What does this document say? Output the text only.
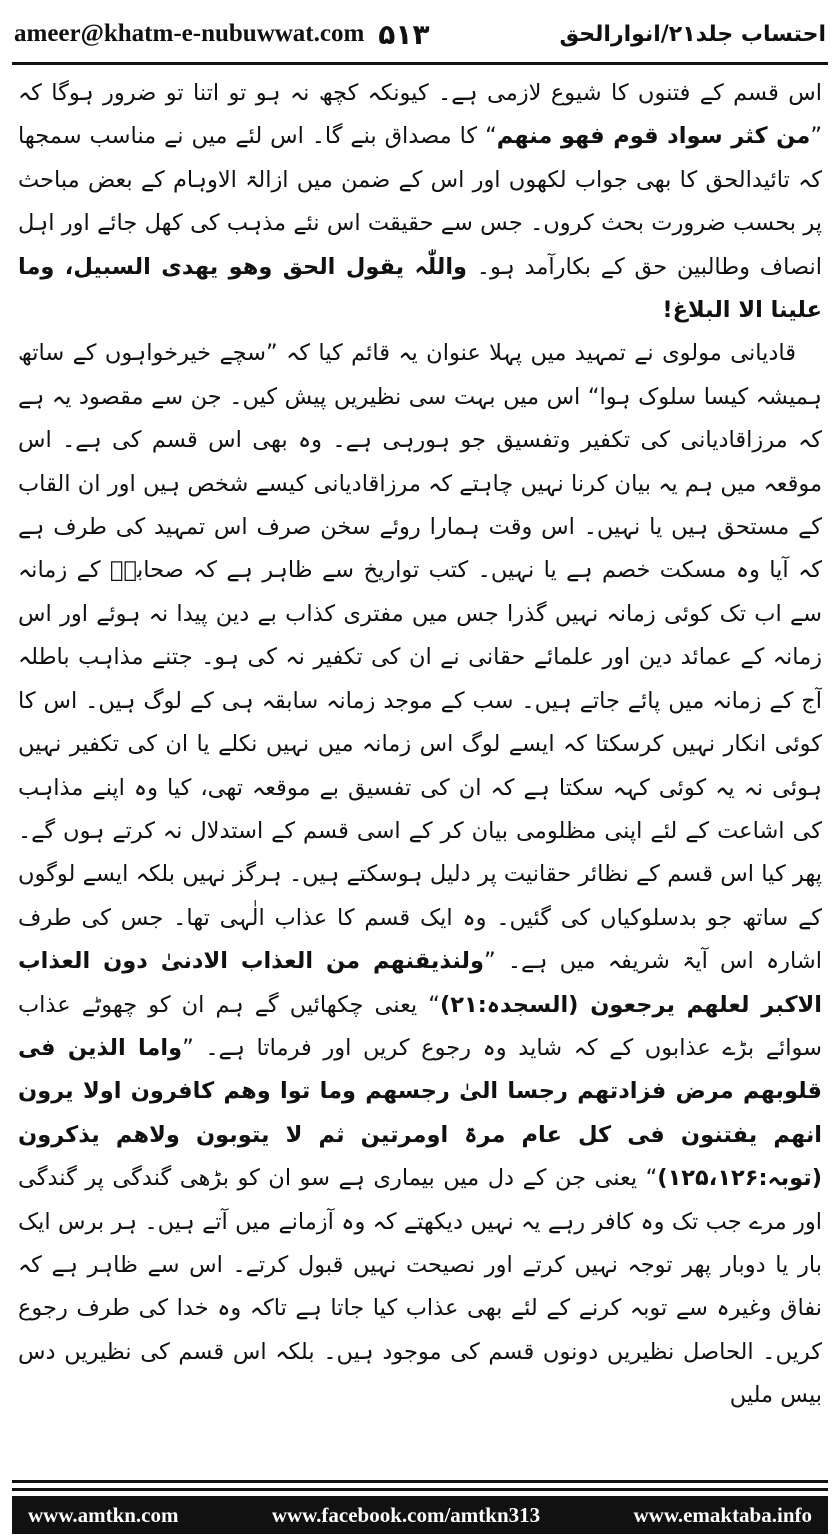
ameer@khatm-e-nubuwwat.com ۵۱۳	احتساب جلد۲۱/انوارالحق

اس قسم کے فتنوں کا شیوع لازمی ہے۔ کیونکہ کچھ نہ ہو تو اتنا تو ضرور ہوگا کہ ”من کثر سواد قوم فھو منھم“ کا مصداق بنے گا۔ اس لئے میں نے مناسب سمجھا کہ تائیدالحق کا بھی جواب لکھوں اور اس کے ضمن میں ازالۃ الاوہام کے بعض مباحث پر بحسب ضرورت بحث کروں۔ جس سے حقیقت اس نئے مذہب کی کھل جائے اور اہل انصاف وطالبین حق کے بکارآمد ہو۔ واللّٰہ یقول الحق وھو یھدی السبیل، وما علینا الا البلاغ!

قادیانی مولوی نے تمہید میں پہلا عنوان یہ قائم کیا کہ ”سچے خیرخواہوں کے ساتھ ہمیشہ کیسا سلوک ہوا“ اس میں بہت سی نظیریں پیش کیں۔ جن سے مقصود یہ ہے کہ مرزاقادیانی کی تکفیر وتفسیق جو ہورہی ہے۔ وہ بھی اس قسم کی ہے۔ اس موقعہ میں ہم یہ بیان کرنا نہیں چاہتے کہ مرزاقادیانی کیسے شخص ہیں اور ان القاب کے مستحق ہیں یا نہیں۔ اس وقت ہمارا روئے سخن صرف اس تمہید کی طرف ہے کہ آیا وہ مسکت خصم ہے یا نہیں۔ کتب تواریخ سے ظاہر ہے کہ صحابہؓ کے زمانہ سے اب تک کوئی زمانہ نہیں گذرا جس میں مفتری کذاب بے دین پیدا نہ ہوئے اور اس زمانہ کے عمائد دین اور علمائے حقانی نے ان کی تکفیر نہ کی ہو۔ جتنے مذاہب باطلہ آج کے زمانہ میں پائے جاتے ہیں۔ سب کے موجد زمانہ سابقہ ہی کے لوگ ہیں۔ اس کا کوئی انکار نہیں کرسکتا کہ ایسے لوگ اس زمانہ میں نہیں نکلے یا ان کی تکفیر نہیں ہوئی نہ یہ کوئی کہہ سکتا ہے کہ ان کی تفسیق بے موقعہ تھی، کیا وہ اپنے مذاہب کی اشاعت کے لئے اپنی مظلومی بیان کر کے اسی قسم کے استدلال نہ کرتے ہوں گے۔ پھر کیا اس قسم کے نظائر حقانیت پر دلیل ہوسکتے ہیں۔ ہرگز نہیں بلکہ ایسے لوگوں کے ساتھ جو بدسلوکیاں کی گئیں۔ وہ ایک قسم کا عذاب الٰہی تھا۔ جس کی طرف اشارہ اس آیۃ شریفہ میں ہے۔ ”ولنذیقنھم من العذاب الادنیٰ دون العذاب الاکبر لعلھم یرجعون (السجدہ:۲۱)“ یعنی چکھائیں گے ہم ان کو چھوٹے عذاب سوائے بڑے عذابوں کے کہ شاید وہ رجوع کریں اور فرماتا ہے۔ ”واما الذین فی قلوبھم مرض فزادتھم رجسا الیٰ رجسھم وما توا وھم کافرون اولا یرون انھم یفتنون فی کل عام مرۃ اومرتین ثم لا یتوبون ولاھم یذکرون (توبہ:۱۲۵،۱۲۶)“ یعنی جن کے دل میں بیماری ہے سو ان کو بڑھی گندگی پر گندگی اور مرے جب تک وہ کافر رہے یہ نہیں دیکھتے کہ وہ آزمانے میں آتے ہیں۔ ہر برس ایک بار یا دوبار پھر توجہ نہیں کرتے اور نصیحت نہیں قبول کرتے۔ اس سے ظاہر ہے کہ نفاق وغیرہ سے توبہ کرنے کے لئے بھی عذاب کیا جاتا ہے تاکہ وہ خدا کی طرف رجوع کریں۔ الحاصل نظیریں دونوں قسم کی موجود ہیں۔ بلکہ اس قسم کی نظیریں دس بیس ملیں

www.amtkn.com	www.facebook.com/amtkn313	www.emaktaba.info
